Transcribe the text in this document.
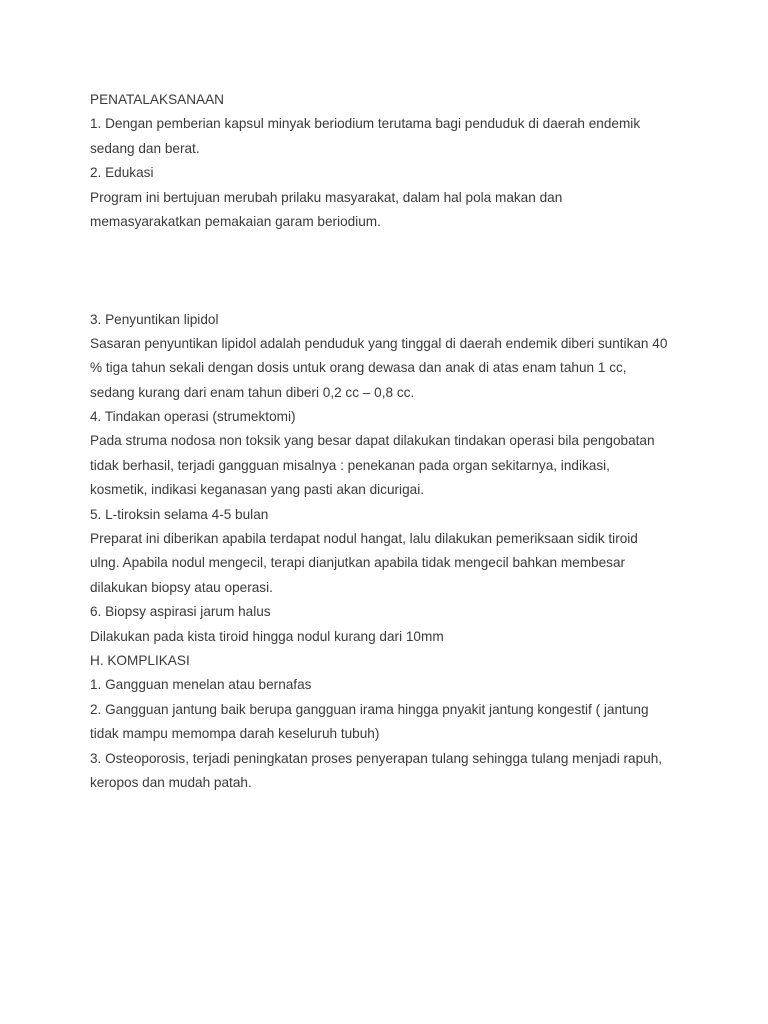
PENATALAKSANAAN
1. Dengan pemberian kapsul minyak beriodium terutama bagi penduduk di daerah endemik
sedang dan berat.
2. Edukasi
Program ini bertujuan merubah prilaku masyarakat, dalam hal pola makan dan
memasyarakatkan pemakaian garam beriodium.
3. Penyuntikan lipidol
Sasaran penyuntikan lipidol adalah penduduk yang tinggal di daerah endemik diberi suntikan 40
% tiga tahun sekali dengan dosis untuk orang dewasa dan anak di atas enam tahun 1 cc,
sedang kurang dari enam tahun diberi 0,2 cc – 0,8 cc.
4. Tindakan operasi (strumektomi)
Pada struma nodosa non toksik yang besar dapat dilakukan tindakan operasi bila pengobatan
tidak berhasil, terjadi gangguan misalnya : penekanan pada organ sekitarnya, indikasi,
kosmetik, indikasi keganasan yang pasti akan dicurigai.
5. L-tiroksin selama 4-5 bulan
Preparat ini diberikan apabila terdapat nodul hangat, lalu dilakukan pemeriksaan sidik tiroid
ulng. Apabila nodul mengecil, terapi dianjutkan apabila tidak mengecil bahkan membesar
dilakukan biopsy atau operasi.
6. Biopsy aspirasi jarum halus
Dilakukan pada kista tiroid hingga nodul kurang dari 10mm
H. KOMPLIKASI
1. Gangguan menelan atau bernafas
2. Gangguan jantung baik berupa gangguan irama hingga pnyakit jantung kongestif ( jantung
tidak mampu memompa darah keseluruh tubuh)
3. Osteoporosis, terjadi peningkatan proses penyerapan tulang sehingga tulang menjadi rapuh,
keropos dan mudah patah.
